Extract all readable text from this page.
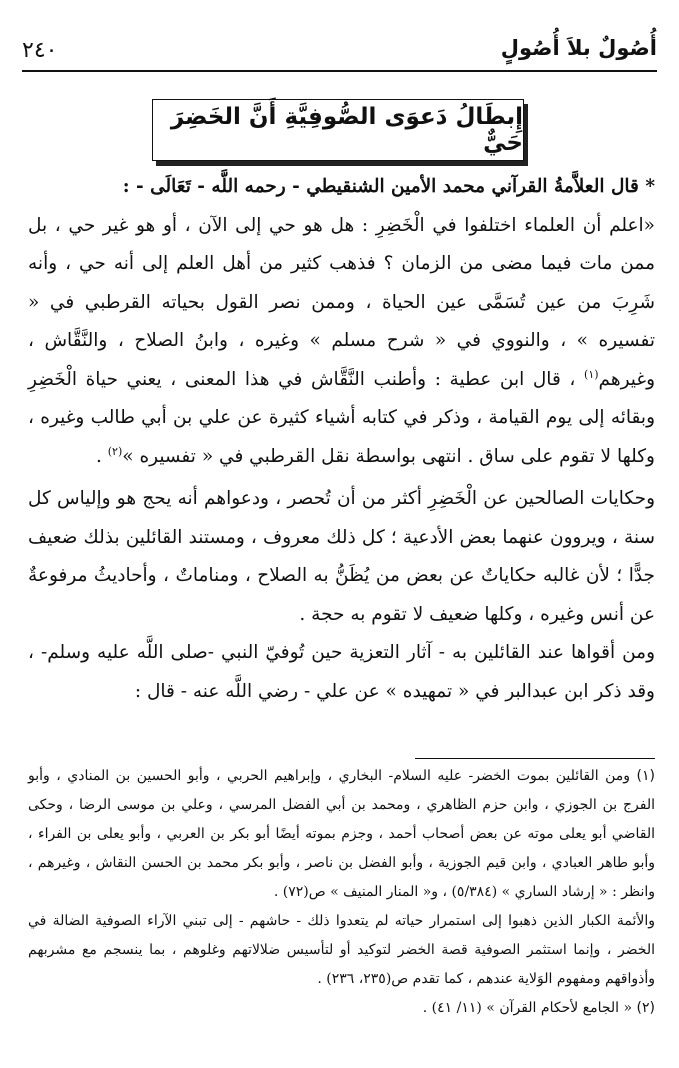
أُصُولٌ بلاَ أُصُولٍ
٢٤٠
إِبطَالُ دَعوَى الصُّوفِيَّةِ أَنَّ الخَضِرَ حَيٌّ

* قال العلاَّمةُ القرآني محمد الأمين الشنقيطي - رحمه اللَّه - تَعَالَى - :

«اعلم أن العلماء اختلفوا في الْخَضِرِ : هل هو حي إلى الآن ، أو هو غير حي ، بل ممن مات فيما مضى من الزمان ؟ فذهب كثير من أهل العلم إلى أنه حي ، وأنه شَرِبَ من عين تُسَمَّى عين الحياة ، وممن نصر القول بحياته القرطبي في « تفسيره » ، والنووي في « شرح مسلم » وغيره ، وابنُ الصلاح ، والنَّقَّاش ، وغيرهم$^{(١)}$ ، قال ابن عطية : وأطنب النَّقَّاش في هذا المعنى ، يعني حياة الْخَضِرِ وبقائه إلى يوم القيامة ، وذكر في كتابه أشياء كثيرة عن علي بن أبي طالب وغيره ، وكلها لا تقوم على ساق . انتهى بواسطة نقل القرطبي في « تفسيره »$^{(٢)}$ .

وحكايات الصالحين عن الْخَضِرِ أكثر من أن تُحصر ، ودعواهم أنه يحج هو وإلياس كل سنة ، ويروون عنهما بعض الأدعية ؛ كل ذلك معروف ، ومستند القائلين بذلك ضعيف جدًّا ؛ لأن غالبه حكاياتٌ عن بعض من يُظَنُّ به الصلاح ، ومناماتٌ ، وأحاديثُ مرفوعةٌ عن أنس وغيره ، وكلها ضعيف لا تقوم به حجة .

ومن أقواها عند القائلين به - آثار التعزية حين تُوفيّ النبي -صلى اللَّه عليه وسلم- ، وقد ذكر ابن عبدالبر في « تمهيده » عن علي - رضي اللَّه عنه - قال :

(١) ومن القائلين بموت الخضر- عليه السلام- البخاري ، وإبراهيم الحربي ، وأبو الحسين بن المنادي ، وأبو الفرج بن الجوزي ، وابن حزم الظاهري ، ومحمد بن أبي الفضل المرسي ، وعلي بن موسى الرضا ، وحكى القاضي أبو يعلى موته عن بعض أصحاب أحمد ، وجزم بموته أيضًا أبو بكر بن العربي ، وأبو يعلى بن الفراء ، وأبو طاهر العبادي ، وابن قيم الجوزية ، وأبو الفضل بن ناصر ، وأبو بكر محمد بن الحسن النقاش ، وغيرهم ، وانظر : « إرشاد الساري » (٥/٣٨٤) ، و« المنار المنيف » ص(٧٢) .

والأئمة الكبار الذين ذهبوا إلى استمرار حياته لم يتعدوا ذلك - حاشهم - إلى تبني الآراء الصوفية الضالة في الخضر ، وإنما استثمر الصوفية قصة الخضر لتوكيد أو لتأسيس ضلالاتهم وغلوهم ، بما ينسجم مع مشربهم وأذواقهم ومفهوم الوَلاية عندهم ، كما تقدم ص(٢٣٥، ٢٣٦) .

(٢) « الجامع لأحكام القرآن » (١١/ ٤١) .
